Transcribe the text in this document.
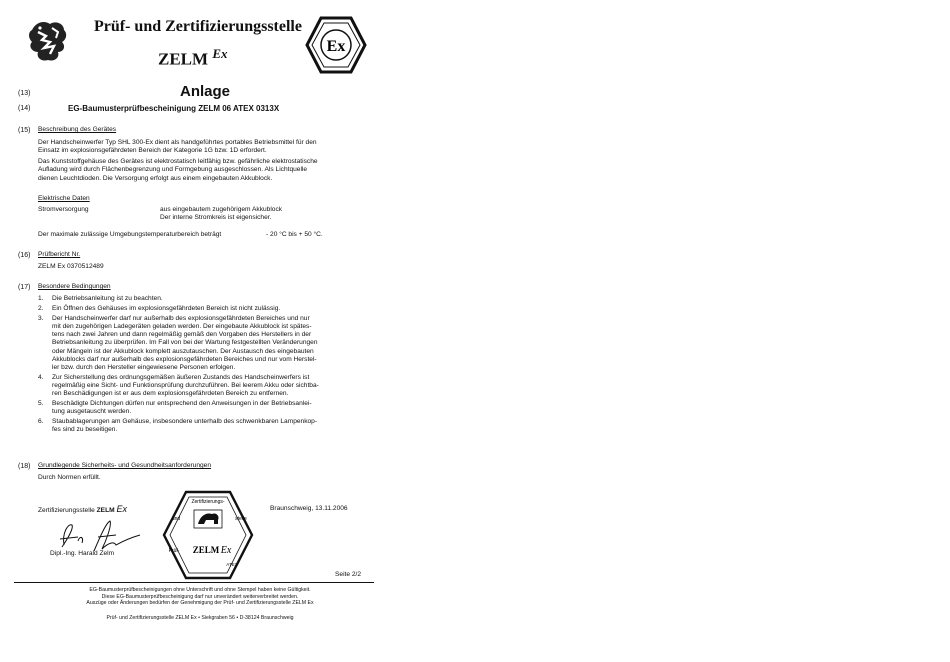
Prüf- und Zertifizierungsstelle
ZELM $^{Ex}$	Ex
(13)	Anlage
(14)	EG-Baumusterprüfbescheinigung ZELM 06 ATEX 0313X
(15) Beschreibung des Gerätes
Der Handscheinwerfer Typ SHL 300-Ex dient als handgeführtes portables Betriebsmittel für den
Einsatz im explosionsgefährdeten Bereich der Kategorie 1G bzw. 1D erfordert.
Das Kunststoffgehäuse des Gerätes ist elektrostatisch leitfähig bzw. gefährliche elektrostatische
Aufladung wird durch Flächenbegrenzung und Formgebung ausgeschlossen. Als Lichtquelle
dienen Leuchtdioden. Die Versorgung erfolgt aus einem eingebauten Akkublock.
Elektrische Daten
Stromversorgung	aus eingebautem zugehörigem Akkublock
Der interne Stromkreis ist eigensicher.
Der maximale zulässige Umgebungstemperaturbereich beträgt	- 20 °C bis + 50 °C.
(16) Prüfbericht Nr.
ZELM Ex 0370512489
(17) Besondere Bedingungen
1. Die Betriebsanleitung ist zu beachten.
2. Ein Öffnen des Gehäuses im explosionsgefährdeten Bereich ist nicht zulässig.
3. Der Handscheinwerfer darf nur außerhalb des explosionsgefährdeten Bereiches und nur
mit den zugehörigen Ladegeräten geladen werden. Der eingebaute Akkublock ist spätes-
tens nach zwei Jahren und dann regelmäßig gemäß den Vorgaben des Herstellers in der
Betriebsanleitung zu überprüfen. Im Fall von bei der Wartung festgestellten Veränderungen
oder Mängeln ist der Akkublock komplett auszutauschen. Der Austausch des eingebauten
Akkublocks darf nur außerhalb des explosionsgefährdeten Bereiches und nur vom Herstel-
ler bzw. durch den Hersteller eingewiesene Personen erfolgen.
4. Zur Sicherstellung des ordnungsgemäßen äußeren Zustands des Handscheinwerfers ist
regelmäßig eine Sicht- und Funktionsprüfung durchzuführen. Bei leerem Akku oder sichtba-
ren Beschädigungen ist er aus dem explosionsgefährdeten Bereich zu entfernen.
5. Beschädigte Dichtungen dürfen nur entsprechend den Anweisungen in der Betriebsanlei-
tung ausgetauscht werden.
6. Staubablagerungen am Gehäuse, insbesondere unterhalb des schwenkbaren Lampenkop-
fes sind zu beseitigen.
(18) Grundlegende Sicherheits- und Gesundheitsanforderungen
Durch Normen erfüllt.
Zertifizierungsstelle ZELM Ex
Dipl.-Ing. Harald Zelm
Zertifizierungs-
und	stelle
Prüf- ZELM Ex
ATEX
Braunschweig, 13.11.2006
Seite 2/2
EG-Baumusterprüfbescheinigungen ohne Unterschrift und ohne Stempel haben keine Gültigkeit.
Diese EG-Baumusterprüfbescheinigung darf nur unverändert weiterverbreitet werden.
Auszüge oder Änderungen bedürfen der Genehmigung der Prüf- und Zertifizierungsstelle ZELM Ex
Prüf- und Zertifizierungsstelle ZELM Ex • Siekgraben 56 • D-38124 Braunschweig
